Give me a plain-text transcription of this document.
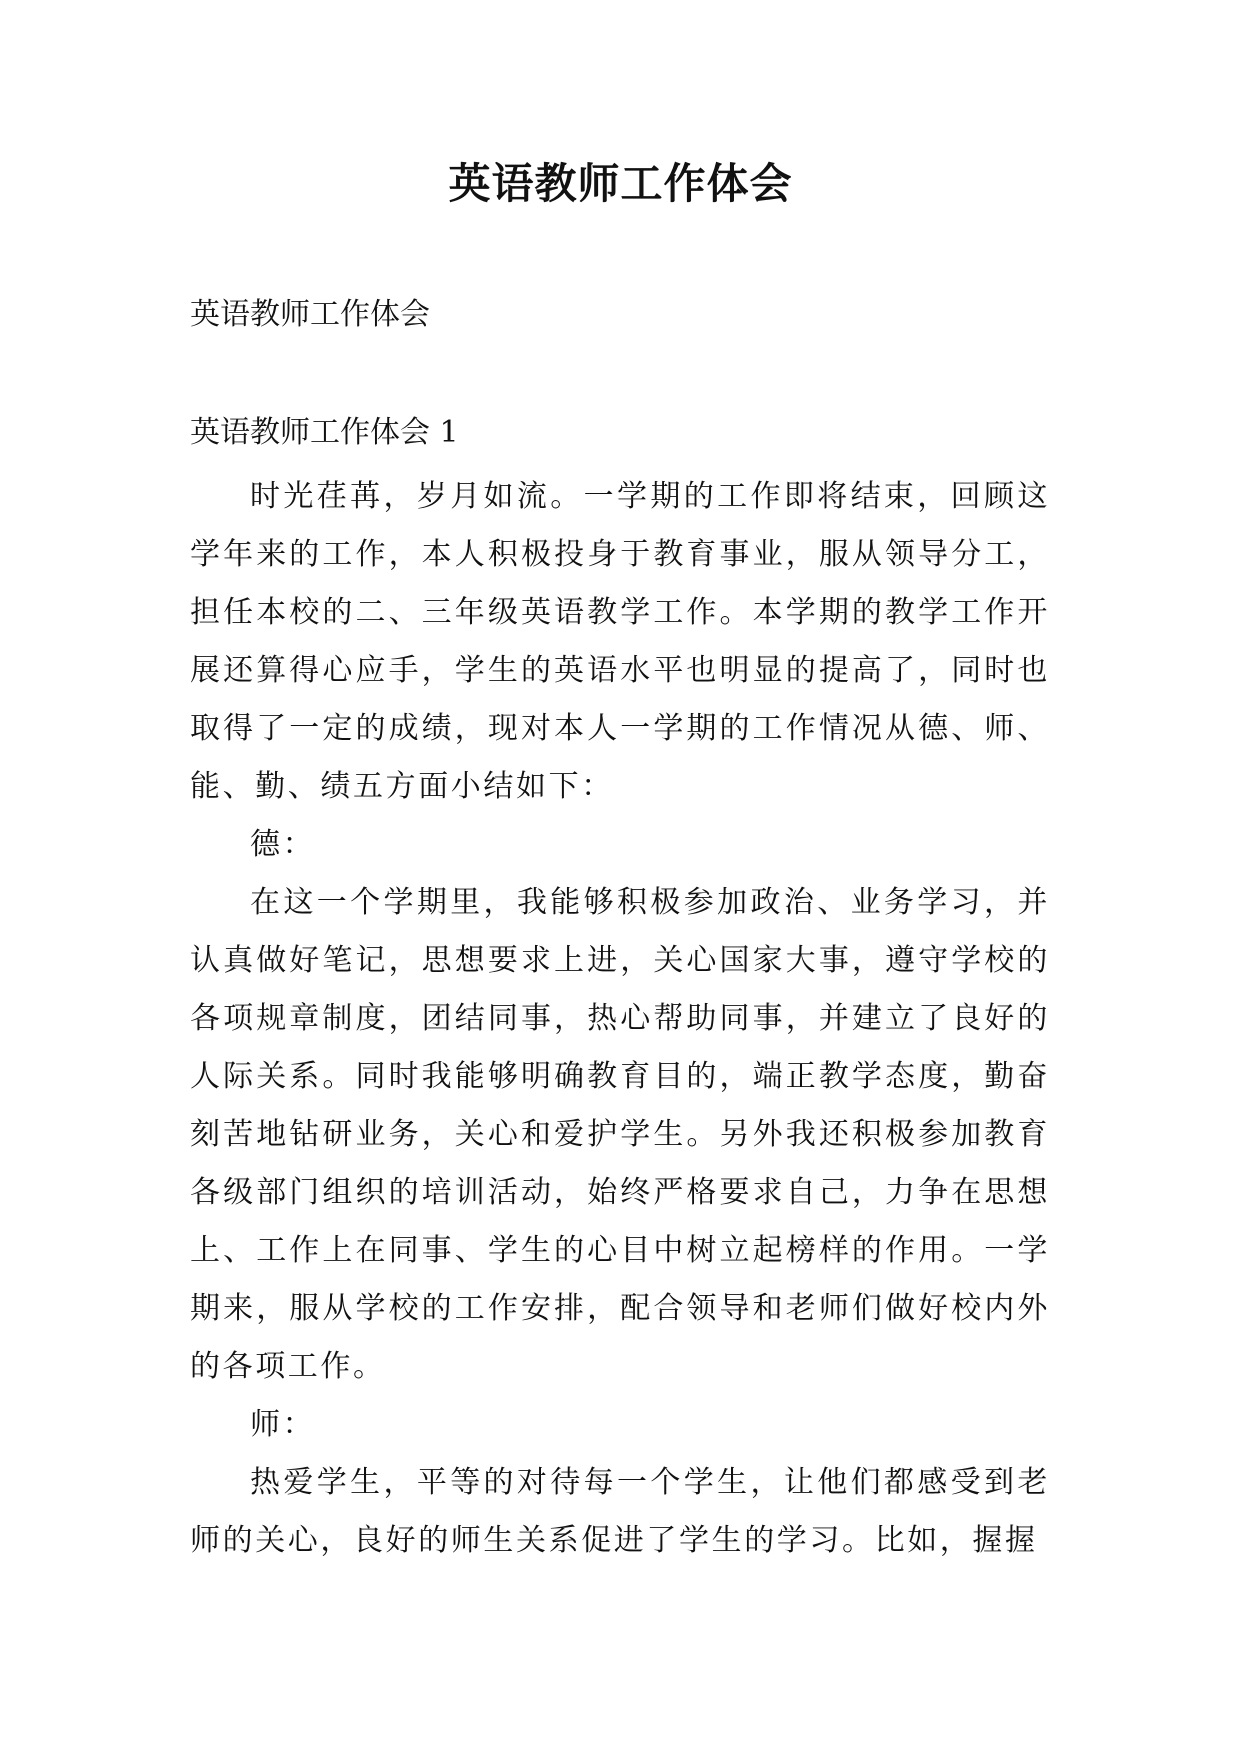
英语教师工作体会

英语教师工作体会

英语教师工作体会 1

时光荏苒，岁月如流。一学期的工作即将结束，回顾这学年来的工作，本人积极投身于教育事业，服从领导分工，担任本校的二、三年级英语教学工作。本学期的教学工作开展还算得心应手，学生的英语水平也明显的提高了，同时也取得了一定的成绩，现对本人一学期的工作情况从德、师、能、勤、绩五方面小结如下：

德：

在这一个学期里，我能够积极参加政治、业务学习，并认真做好笔记，思想要求上进，关心国家大事，遵守学校的各项规章制度，团结同事，热心帮助同事，并建立了良好的人际关系。同时我能够明确教育目的，端正教学态度，勤奋刻苦地钻研业务，关心和爱护学生。另外我还积极参加教育各级部门组织的培训活动，始终严格要求自己，力争在思想上、工作上在同事、学生的心目中树立起榜样的作用。一学期来，服从学校的工作安排，配合领导和老师们做好校内外的各项工作。

师：

热爱学生，平等的对待每一个学生，让他们都感受到老师的关心，良好的师生关系促进了学生的学习。比如，握握
